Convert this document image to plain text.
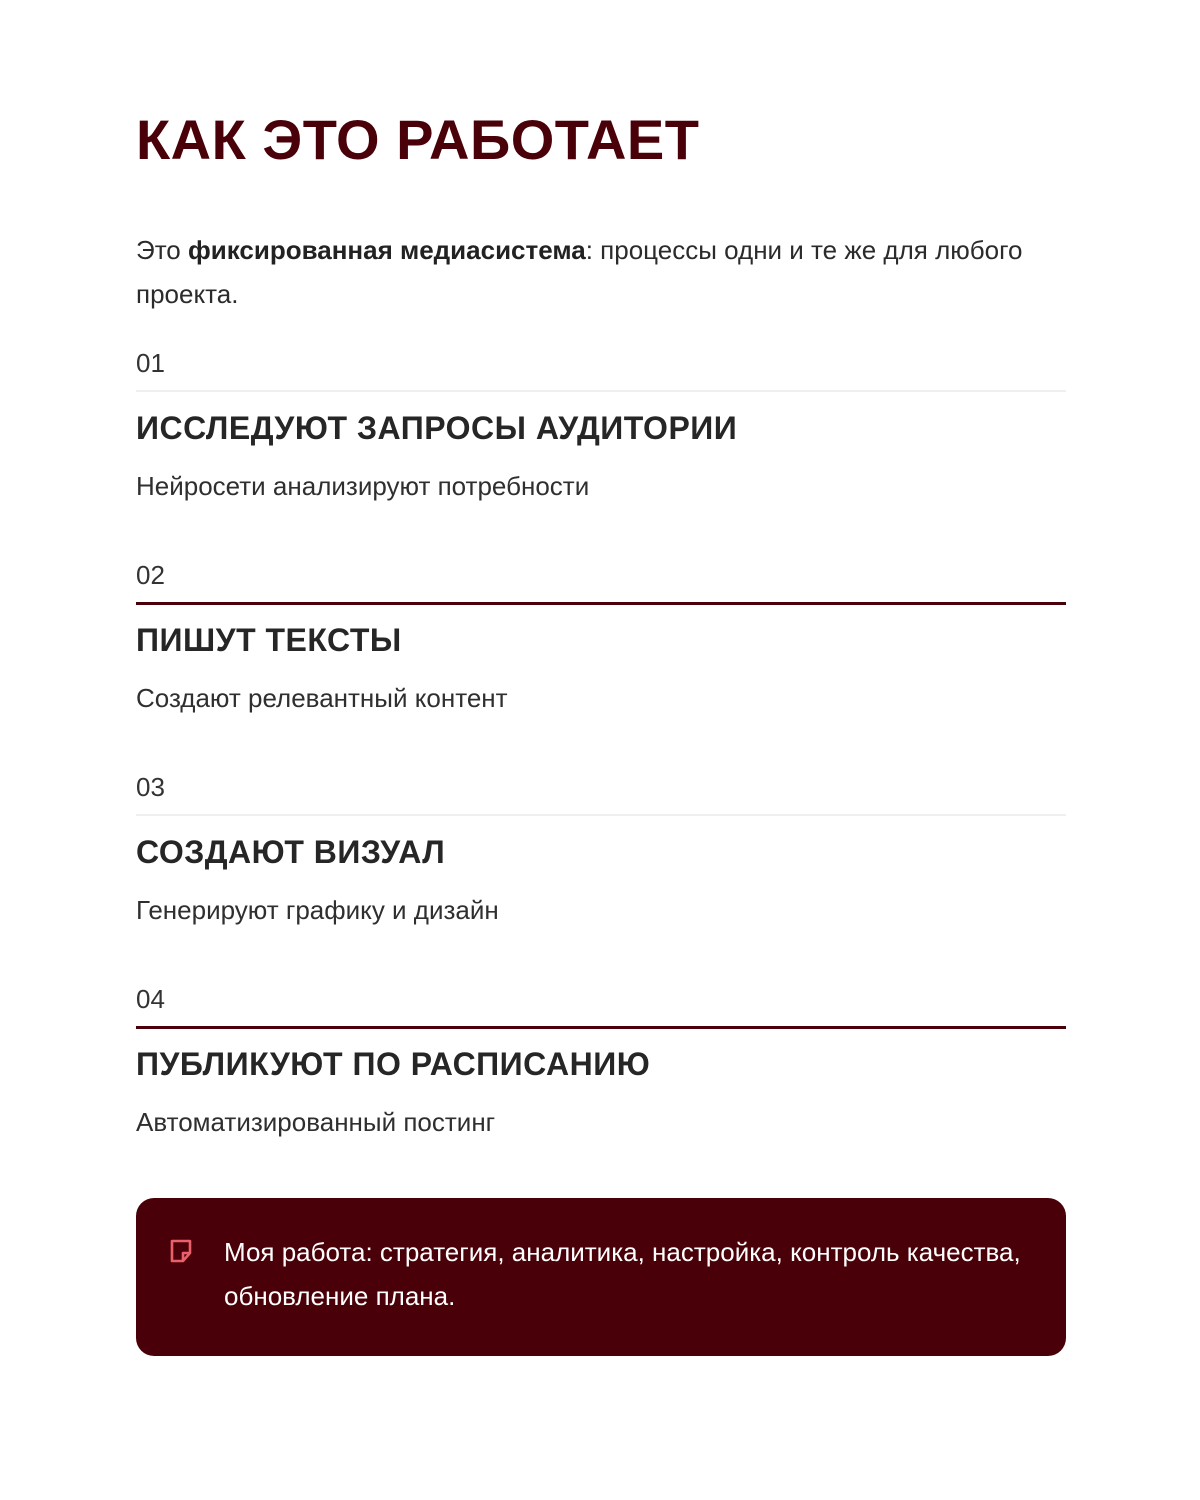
КАК ЭТО РАБОТАЕТ

Это фиксированная медиасистема: процессы одни и те же для любого проекта.

01
ИССЛЕДУЮТ ЗАПРОСЫ АУДИТОРИИ

Нейросети анализируют потребности

02
ПИШУТ ТЕКСТЫ

Создают релевантный контент

03
СОЗДАЮТ ВИЗУАЛ

Генерируют графику и дизайн

04
ПУБЛИКУЮТ ПО РАСПИСАНИЮ

Автоматизированный постинг

Моя работа: стратегия, аналитика, настройка, контроль качества, обновление плана.
